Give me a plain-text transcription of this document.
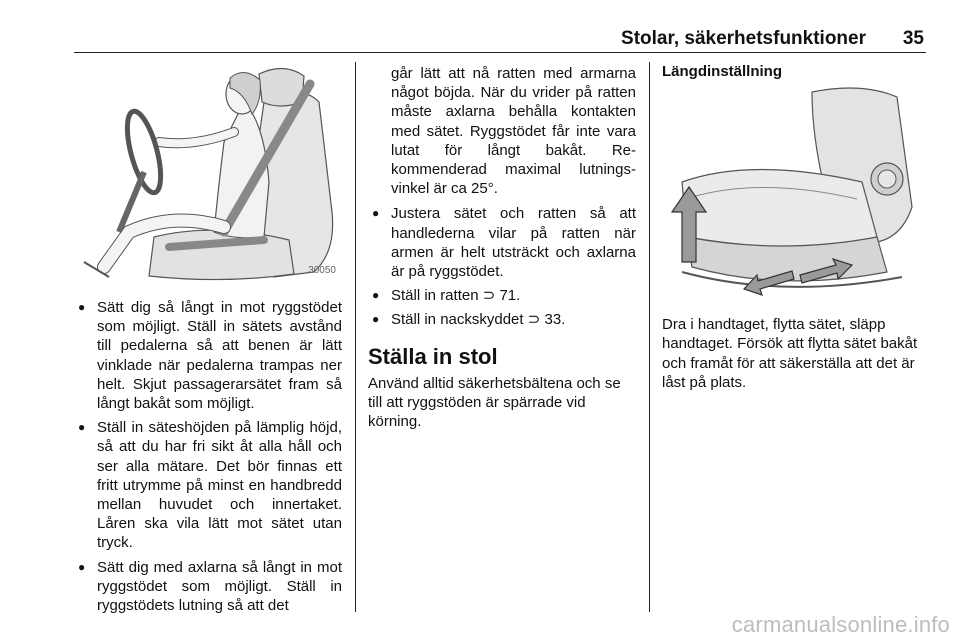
Stolar, säkerhetsfunktioner 35
30050
● Sätt dig så långt in mot ryggstödet som möjligt. Ställ in sätets avstånd till pedalerna så att benen är lätt vinklade när pedalerna trampas ner helt. Skjut passagerarsätet fram så långt bakåt som möjligt.
● Ställ in säteshöjden på lämplig höjd, så att du har fri sikt åt alla håll och ser alla mätare. Det bör finnas ett fritt utrymme på minst en handbredd mellan huvudet och innertaket. Låren ska vila lätt mot sätet utan tryck.
● Sätt dig med axlarna så långt in mot ryggstödet som möjligt. Ställ in ryggstödets lutning så att det
går lätt att nå ratten med armarna något böjda. När du vrider på ratten måste axlarna behålla kontakten med sätet. Ryggstödet får inte vara lutat för långt bakåt. Rekommenderad maximal lutningsvinkel är ca 25°.
● Justera sätet och ratten så att handlederna vilar på ratten när armen är helt utsträckt och axlarna är på ryggstödet.
● Ställ in ratten ⊃ 71.
● Ställ in nackskyddet ⊃ 33.
Ställa in stol

Använd alltid säkerhetsbältena och se till att ryggstöden är spärrade vid körning.

Längdinställning

Dra i handtaget, flytta sätet, släpp handtaget. Försök att flytta sätet bakåt och framåt för att säkerställa att det är låst på plats.

carmanualsonline.info
